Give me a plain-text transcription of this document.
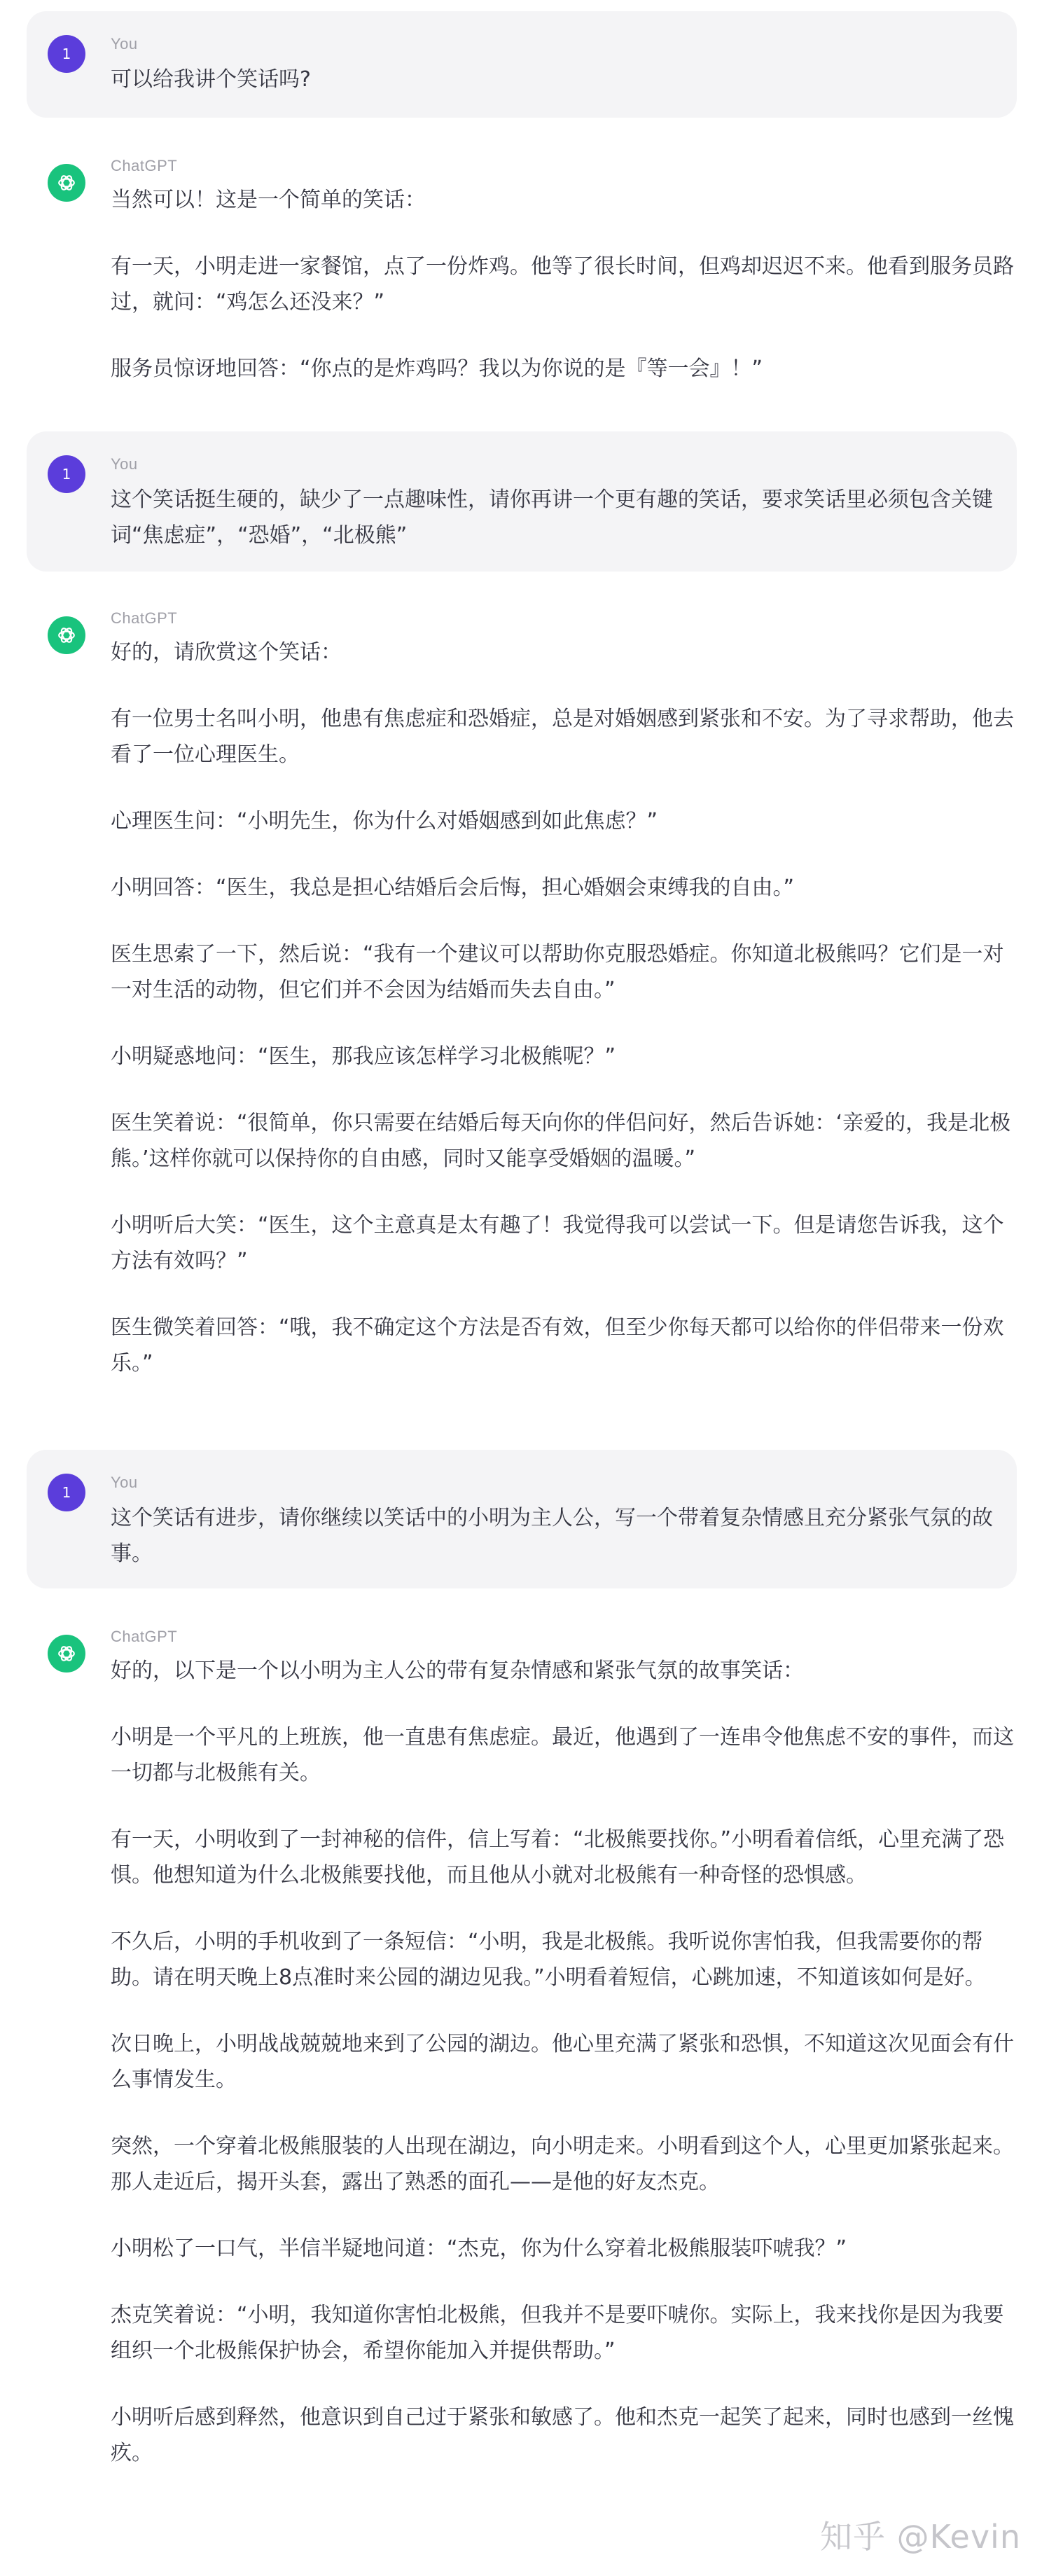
1
You

可以给我讲个笑话吗?

ChatGPT

当然可以！这是一个简单的笑话：

有一天，小明走进一家餐馆，点了一份炸鸡。他等了很长时间，但鸡却迟迟不来。他看到服务员路过，就问：“鸡怎么还没来？”

服务员惊讶地回答：“你点的是炸鸡吗？我以为你说的是『等一会』！”

1
You

这个笑话挺生硬的，缺少了一点趣味性，请你再讲一个更有趣的笑话，要求笑话里必须包含关键词“焦虑症”，“恐婚”，“北极熊”

ChatGPT

好的，请欣赏这个笑话：

有一位男士名叫小明，他患有焦虑症和恐婚症，总是对婚姻感到紧张和不安。为了寻求帮助，他去看了一位心理医生。

心理医生问：“小明先生，你为什么对婚姻感到如此焦虑？”

小明回答：“医生，我总是担心结婚后会后悔，担心婚姻会束缚我的自由。”

医生思索了一下，然后说：“我有一个建议可以帮助你克服恐婚症。你知道北极熊吗？它们是一对一对生活的动物，但它们并不会因为结婚而失去自由。”

小明疑惑地问：“医生，那我应该怎样学习北极熊呢？”

医生笑着说：“很简单，你只需要在结婚后每天向你的伴侣问好，然后告诉她：‘亲爱的，我是北极熊。’这样你就可以保持你的自由感，同时又能享受婚姻的温暖。”

小明听后大笑：“医生，这个主意真是太有趣了！我觉得我可以尝试一下。但是请您告诉我，这个方法有效吗？”

医生微笑着回答：“哦，我不确定这个方法是否有效，但至少你每天都可以给你的伴侣带来一份欢乐。”

1
You

这个笑话有进步，请你继续以笑话中的小明为主人公，写一个带着复杂情感且充分紧张气氛的故事。

ChatGPT

好的，以下是一个以小明为主人公的带有复杂情感和紧张气氛的故事笑话：

小明是一个平凡的上班族，他一直患有焦虑症。最近，他遇到了一连串令他焦虑不安的事件，而这一切都与北极熊有关。

有一天，小明收到了一封神秘的信件，信上写着：“北极熊要找你。”小明看着信纸，心里充满了恐惧。他想知道为什么北极熊要找他，而且他从小就对北极熊有一种奇怪的恐惧感。

不久后，小明的手机收到了一条短信：“小明，我是北极熊。我听说你害怕我，但我需要你的帮助。请在明天晚上8点准时来公园的湖边见我。”小明看着短信，心跳加速，不知道该如何是好。

次日晚上，小明战战兢兢地来到了公园的湖边。他心里充满了紧张和恐惧，不知道这次见面会有什么事情发生。

突然，一个穿着北极熊服装的人出现在湖边，向小明走来。小明看到这个人，心里更加紧张起来。那人走近后，揭开头套，露出了熟悉的面孔——是他的好友杰克。

小明松了一口气，半信半疑地问道：“杰克，你为什么穿着北极熊服装吓唬我？”

杰克笑着说：“小明，我知道你害怕北极熊，但我并不是要吓唬你。实际上，我来找你是因为我要组织一个北极熊保护协会，希望你能加入并提供帮助。”

小明听后感到释然，他意识到自己过于紧张和敏感了。他和杰克一起笑了起来，同时也感到一丝愧疚。

知乎 @Kevin
